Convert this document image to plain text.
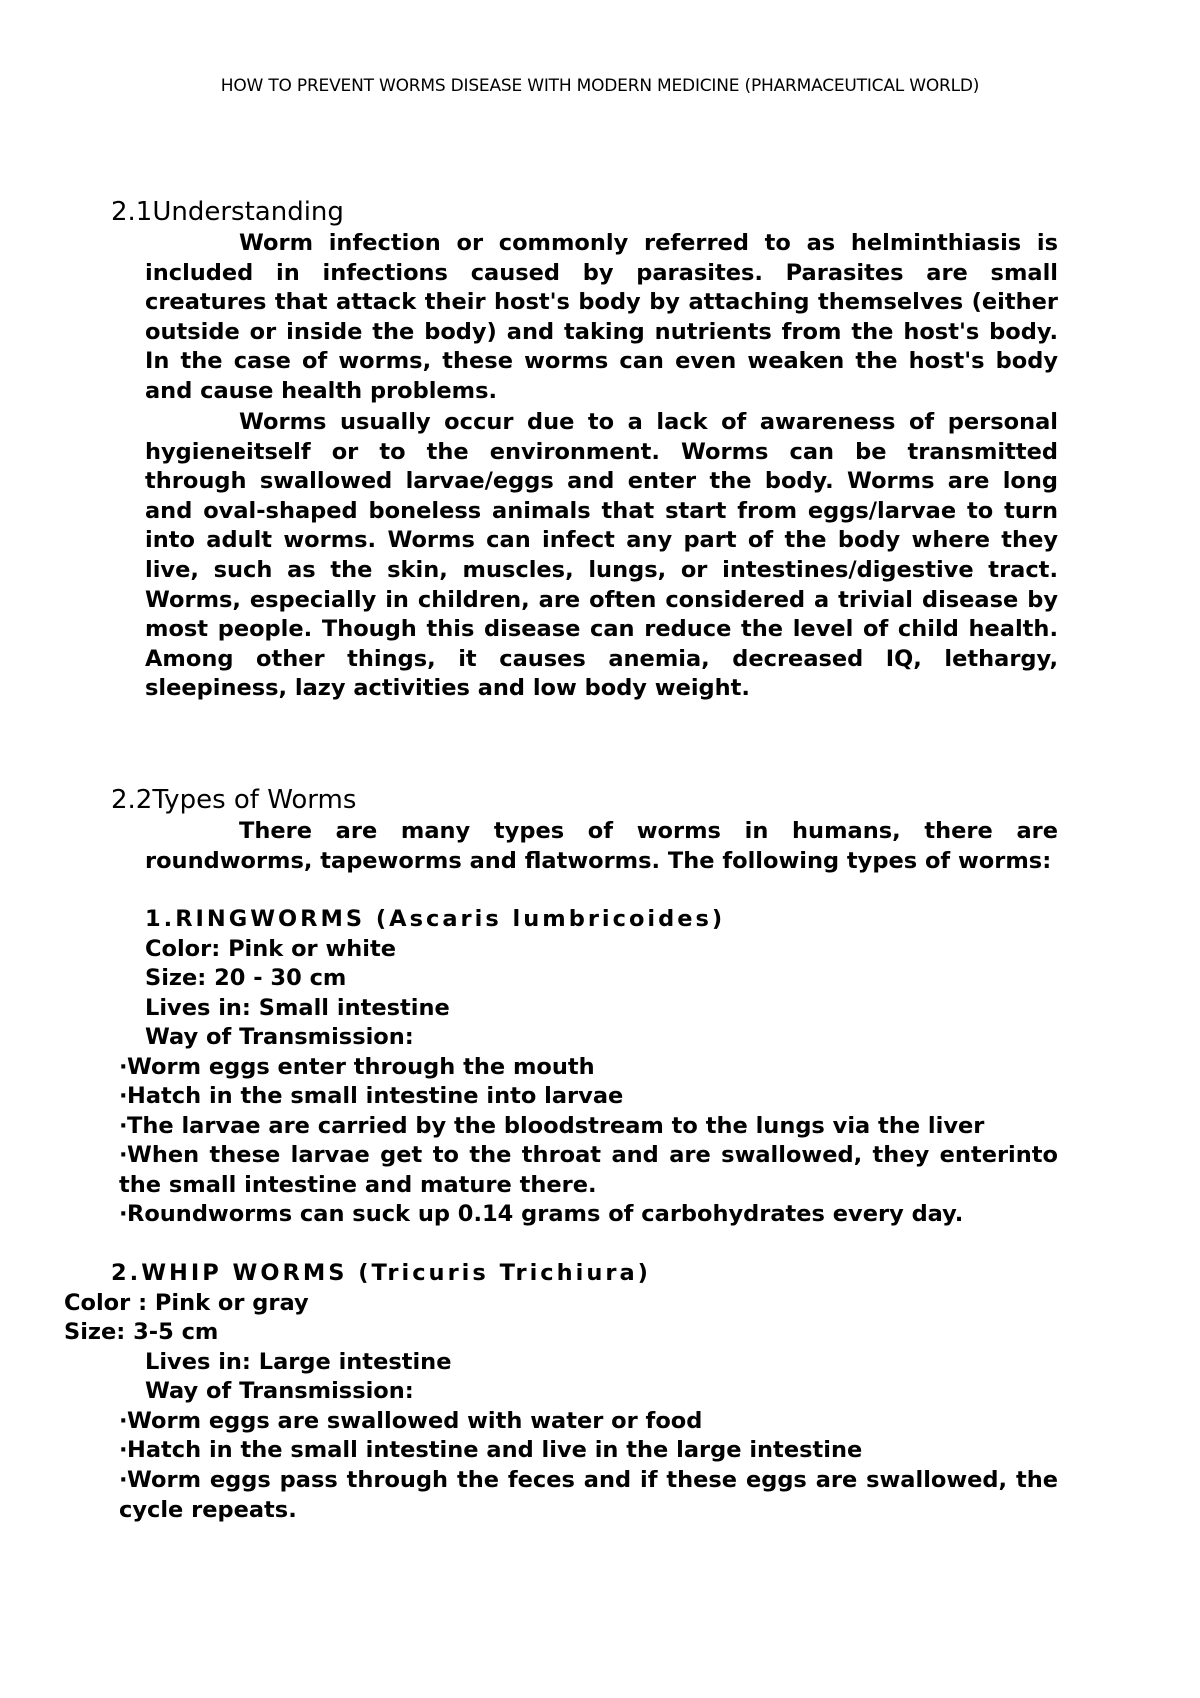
HOW TO PREVENT WORMS DISEASE WITH MODERN MEDICINE (PHARMACEUTICAL WORLD)
2.1Understanding
Worm infection or commonly referred to as helminthiasis is included in infections caused by parasites. Parasites are small creatures that attack their host's body by attaching themselves (either outside or inside the body) and taking nutrients from the host's body. In the case of worms, these worms can even weaken the host's body and cause health problems.
Worms usually occur due to a lack of awareness of personal hygieneitself or to the environment. Worms can be transmitted through swallowed larvae/eggs and enter the body. Worms are long and oval-shaped boneless animals that start from eggs/larvae to turn into adult worms. Worms can infect any part of the body where they live, such as the skin, muscles, lungs, or intestines/digestive tract. Worms, especially in children, are often considered a trivial disease by most people. Though this disease can reduce the level of child health. Among other things, it causes anemia, decreased IQ, lethargy, sleepiness, lazy activities and low body weight.
2.2Types of Worms
There are many types of worms in humans, there are roundworms, tapeworms and flatworms. The following types of worms:
1.RINGWORMS (Ascaris lumbricoides)
Color: Pink or white
Size: 20 - 30 cm
Lives in: Small intestine
Way of Transmission:
·Worm eggs enter through the mouth
·Hatch in the small intestine into larvae
·The larvae are carried by the bloodstream to the lungs via the liver
·When these larvae get to the throat and are swallowed, they enterinto the small intestine and mature there.
·Roundworms can suck up 0.14 grams of carbohydrates every day.
2.WHIP WORMS (Tricuris Trichiura)
Color : Pink or gray
Size: 3-5 cm
Lives in: Large intestine
Way of Transmission:
·Worm eggs are swallowed with water or food
·Hatch in the small intestine and live in the large intestine
·Worm eggs pass through the feces and if these eggs are swallowed, the cycle repeats.
